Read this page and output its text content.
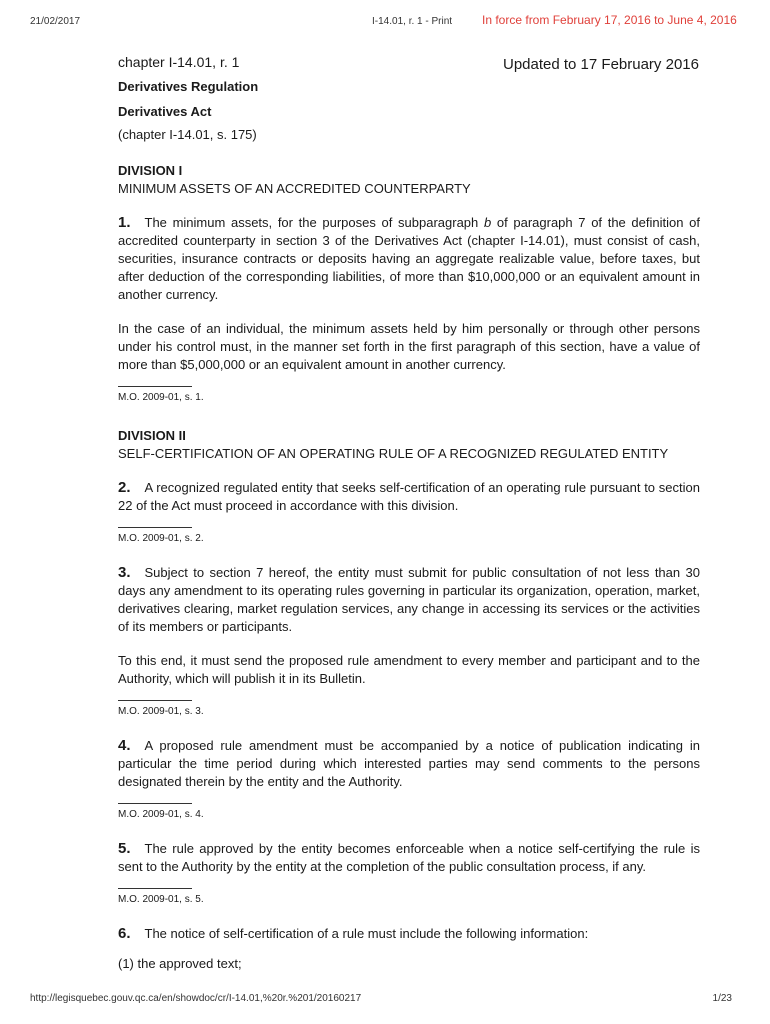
21/02/2017	I-14.01, r. 1 - Print In force from February 17, 2016 to June 4, 2016
Updated to 17 February 2016

chapter I-14.01, r. 1

Derivatives Regulation

Derivatives Act

(chapter I-14.01, s. 175)

DIVISION I
MINIMUM ASSETS OF AN ACCREDITED COUNTERPARTY

1. The minimum assets, for the purposes of subparagraph b of paragraph 7 of the definition of accredited counterparty in section 3 of the Derivatives Act (chapter I-14.01), must consist of cash, securities, insurance contracts or deposits having an aggregate realizable value, before taxes, but after deduction of the corresponding liabilities, of more than $10,000,000 or an equivalent amount in another currency.

In the case of an individual, the minimum assets held by him personally or through other persons under his control must, in the manner set forth in the first paragraph of this section, have a value of more than $5,000,000 or an equivalent amount in another currency.

M.O. 2009-01, s. 1.
DIVISION II
SELF-CERTIFICATION OF AN OPERATING RULE OF A RECOGNIZED REGULATED ENTITY

2. A recognized regulated entity that seeks self-certification of an operating rule pursuant to section 22 of the Act must proceed in accordance with this division.

M.O. 2009-01, s. 2.

3. Subject to section 7 hereof, the entity must submit for public consultation of not less than 30 days any amendment to its operating rules governing in particular its organization, operation, market, derivatives clearing, market regulation services, any change in accessing its services or the activities of its members or participants.

To this end, it must send the proposed rule amendment to every member and participant and to the Authority, which will publish it in its Bulletin.

M.O. 2009-01, s. 3.

4. A proposed rule amendment must be accompanied by a notice of publication indicating in particular the time period during which interested parties may send comments to the persons designated therein by the entity and the Authority.

M.O. 2009-01, s. 4.

5. The rule approved by the entity becomes enforceable when a notice self-certifying the rule is sent to the Authority by the entity at the completion of the public consultation process, if any.

M.O. 2009-01, s. 5.

6. The notice of self-certification of a rule must include the following information:

(1) the approved text;

http://legisquebec.gouv.qc.ca/en/showdoc/cr/I-14.01,%20r.%201/20160217	1/23
